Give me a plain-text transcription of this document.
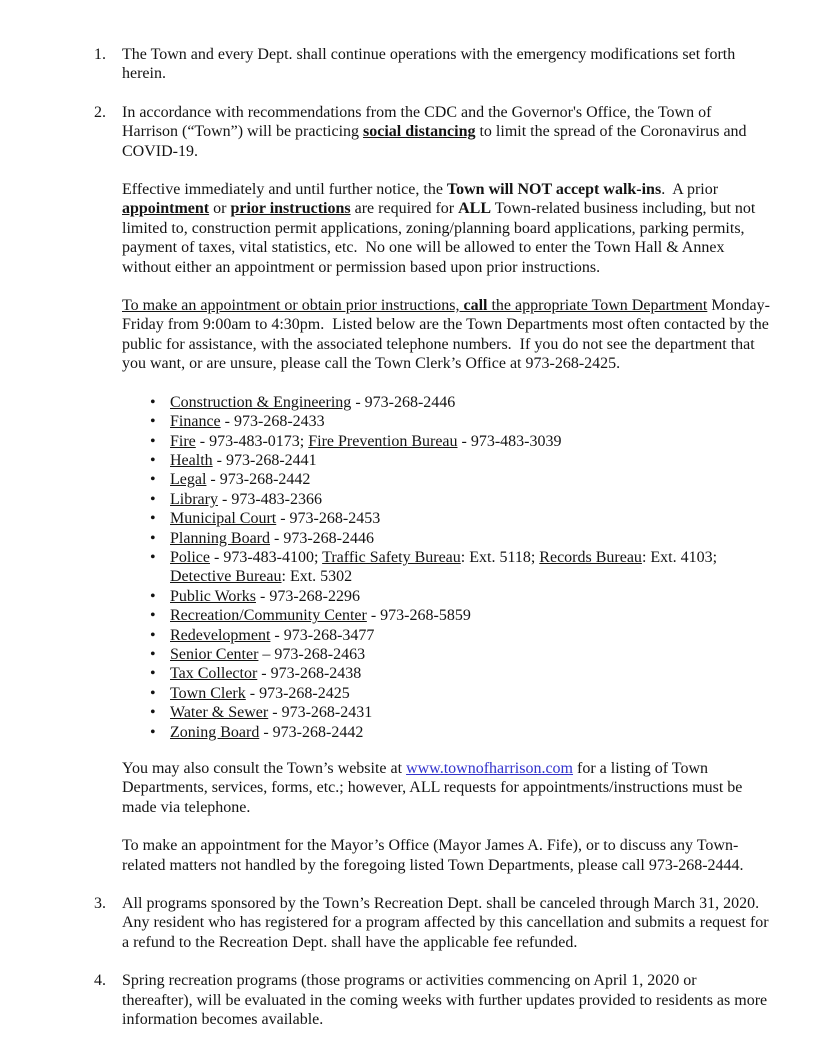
1.	The Town and every Dept. shall continue operations with the emergency modifications set forth herein.
2.	In accordance with recommendations from the CDC and the Governor's Office, the Town of Harrison (“Town”) will be practicing social distancing to limit the spread of the Coronavirus and COVID-19.
Effective immediately and until further notice, the Town will NOT accept walk-ins.  A prior appointment or prior instructions are required for ALL Town-related business including, but not limited to, construction permit applications, zoning/planning board applications, parking permits, payment of taxes, vital statistics, etc.  No one will be allowed to enter the Town Hall & Annex without either an appointment or permission based upon prior instructions.
To make an appointment or obtain prior instructions, call the appropriate Town Department Monday-Friday from 9:00am to 4:30pm.  Listed below are the Town Departments most often contacted by the public for assistance, with the associated telephone numbers.  If you do not see the department that you want, or are unsure, please call the Town Clerk’s Office at 973-268-2425.
• Construction & Engineering - 973-268-2446
• Finance - 973-268-2433
• Fire - 973-483-0173; Fire Prevention Bureau - 973-483-3039
• Health - 973-268-2441
• Legal - 973-268-2442
• Library - 973-483-2366
• Municipal Court - 973-268-2453
• Planning Board - 973-268-2446
• Police - 973-483-4100; Traffic Safety Bureau: Ext. 5118; Records Bureau: Ext. 4103; Detective Bureau: Ext. 5302
• Public Works - 973-268-2296
• Recreation/Community Center - 973-268-5859
• Redevelopment - 973-268-3477
• Senior Center – 973-268-2463
• Tax Collector - 973-268-2438
• Town Clerk - 973-268-2425
• Water & Sewer - 973-268-2431
• Zoning Board - 973-268-2442
You may also consult the Town’s website at www.townofharrison.com for a listing of Town Departments, services, forms, etc.; however, ALL requests for appointments/instructions must be made via telephone.
To make an appointment for the Mayor’s Office (Mayor James A. Fife), or to discuss any Town-related matters not handled by the foregoing listed Town Departments, please call 973-268-2444.
3.	All programs sponsored by the Town’s Recreation Dept. shall be canceled through March 31, 2020.  Any resident who has registered for a program affected by this cancellation and submits a request for a refund to the Recreation Dept. shall have the applicable fee refunded.
4.	Spring recreation programs (those programs or activities commencing on April 1, 2020 or thereafter), will be evaluated in the coming weeks with further updates provided to residents as more information becomes available.
